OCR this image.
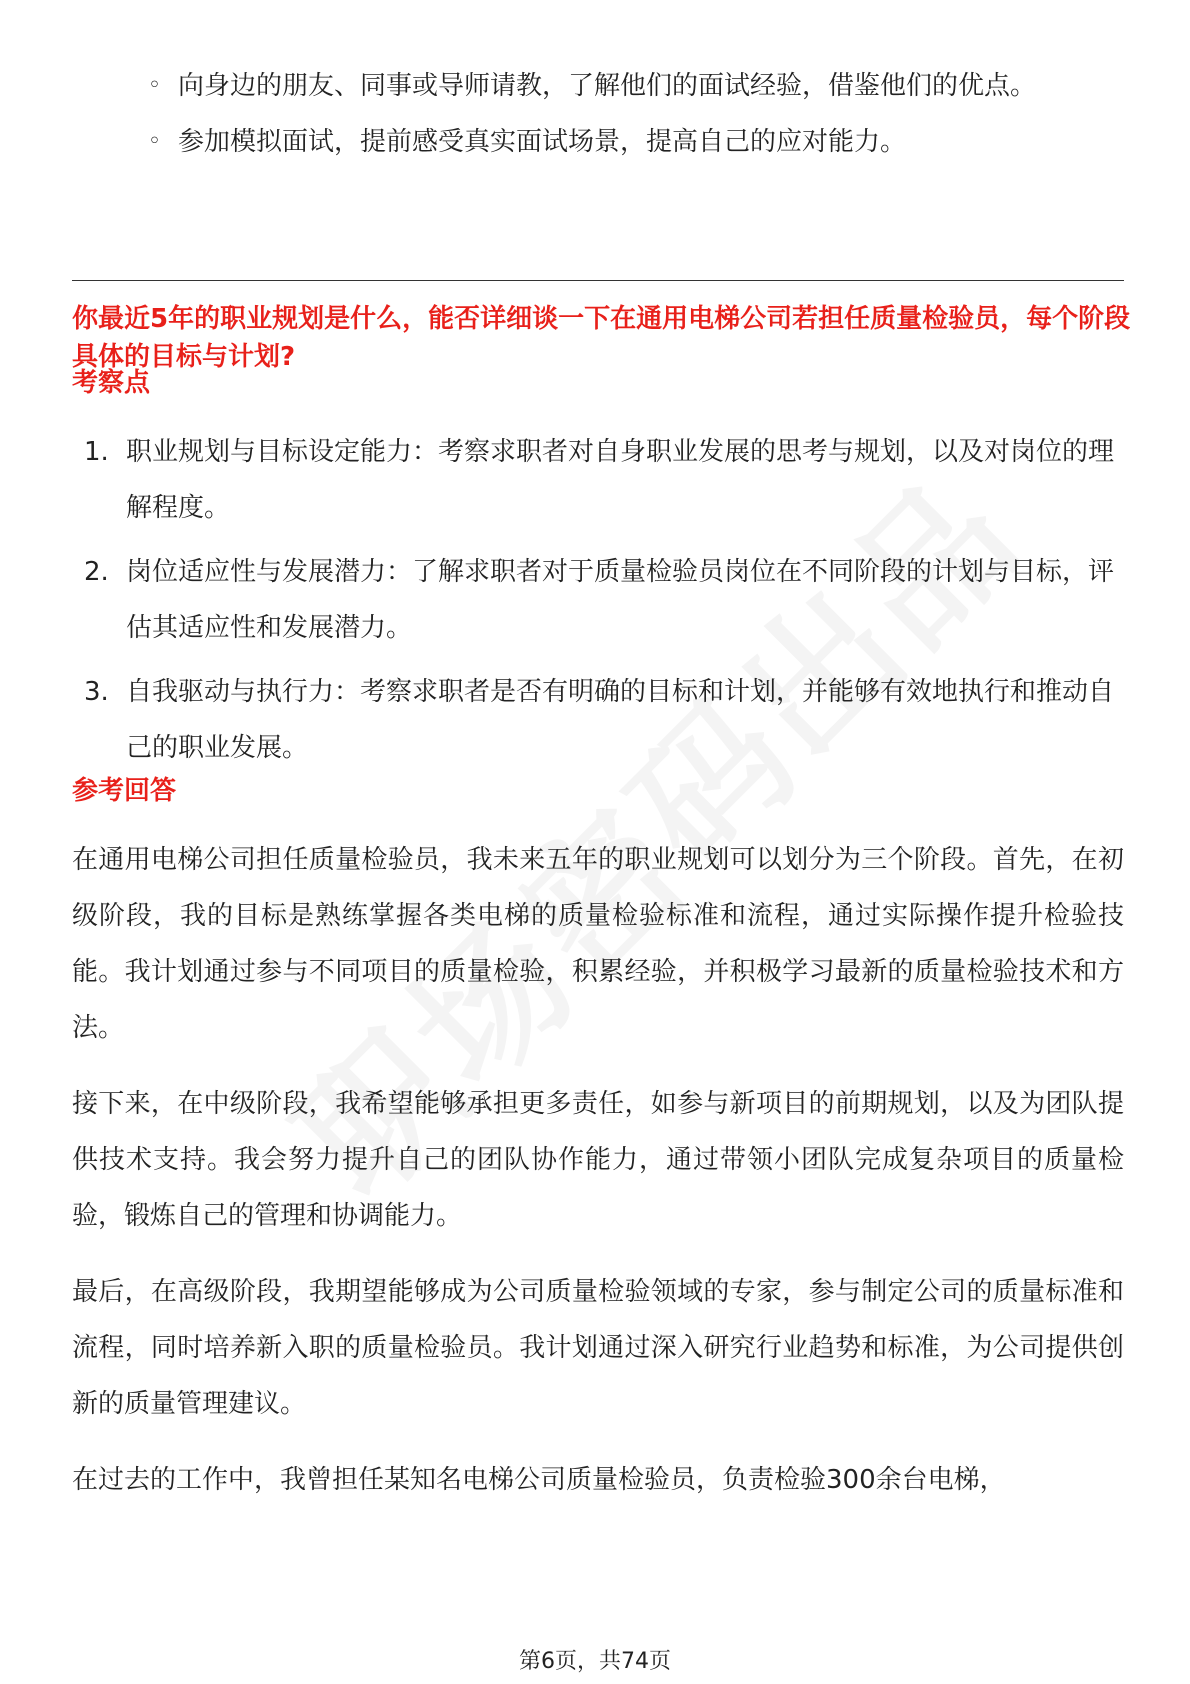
◦ 向身边的朋友、同事或导师请教，了解他们的面试经验，借鉴他们的优点。
◦ 参加模拟面试，提前感受真实面试场景，提高自己的应对能力。
你最近5年的职业规划是什么，能否详细谈一下在通用电梯公司若担任质量检验员，每个阶段具体的目标与计划?
考察点
1. 职业规划与目标设定能力：考察求职者对自身职业发展的思考与规划，以及对岗位的理解程度。
2. 岗位适应性与发展潜力：了解求职者对于质量检验员岗位在不同阶段的计划与目标，评估其适应性和发展潜力。
3. 自我驱动与执行力：考察求职者是否有明确的目标和计划，并能够有效地执行和推动自己的职业发展。
参考回答

在通用电梯公司担任质量检验员，我未来五年的职业规划可以划分为三个阶段。首先，在初级阶段，我的目标是熟练掌握各类电梯的质量检验标准和流程，通过实际操作提升检验技能。我计划通过参与不同项目的质量检验，积累经验，并积极学习最新的质量检验技术和方法。

接下来，在中级阶段，我希望能够承担更多责任，如参与新项目的前期规划，以及为团队提供技术支持。我会努力提升自己的团队协作能力，通过带领小团队完成复杂项目的质量检验，锻炼自己的管理和协调能力。

最后，在高级阶段，我期望能够成为公司质量检验领域的专家，参与制定公司的质量标准和流程，同时培养新入职的质量检验员。我计划通过深入研究行业趋势和标准，为公司提供创新的质量管理建议。

在过去的工作中，我曾担任某知名电梯公司质量检验员，负责检验300余台电梯，

第6页，共74页
